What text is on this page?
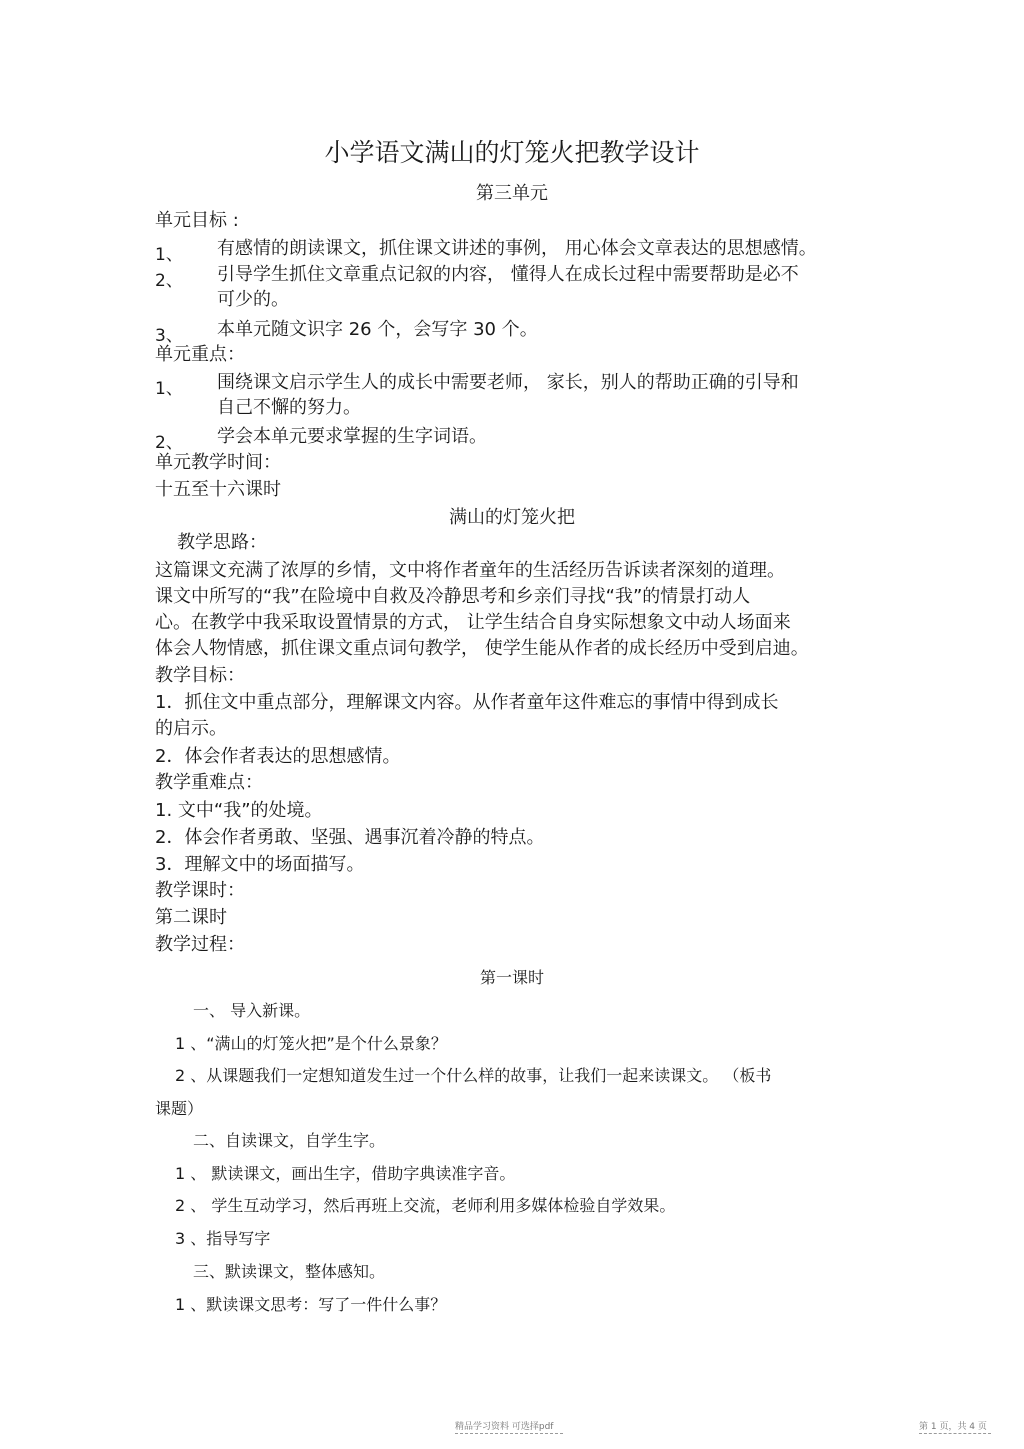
小学语文满山的灯笼火把教学设计
第三单元
单元目标 :
1、 有感情的朗读课文，抓住课文讲述的事例， 用心体会文章表达的思想感情。
2、 引导学生抓住文章重点记叙的内容， 懂得人在成长过程中需要帮助是必不
可少的。
3、 本单元随文识字 26 个，会写字 30 个。
单元重点：
1、 围绕课文启示学生人的成长中需要老师， 家长，别人的帮助正确的引导和
自己不懈的努力。
2、 学会本单元要求掌握的生字词语。
单元教学时间：
十五至十六课时
满山的灯笼火把
教学思路：
这篇课文充满了浓厚的乡情，文中将作者童年的生活经历告诉读者深刻的道理。
课文中所写的“我”在险境中自救及冷静思考和乡亲们寻找“我”的情景打动人
心。在教学中我采取设置情景的方式， 让学生结合自身实际想象文中动人场面来
体会人物情感，抓住课文重点词句教学， 使学生能从作者的成长经历中受到启迪。
教学目标：
1．抓住文中重点部分，理解课文内容。从作者童年这件难忘的事情中得到成长
的启示。
2．体会作者表达的思想感情。
教学重难点：
1. 文中“我”的处境。
2．体会作者勇敢、坚强、遇事沉着冷静的特点。
3．理解文中的场面描写。
教学课时：
第二课时
教学过程：
第一课时
一、 导入新课。
1 、“满山的灯笼火把”是个什么景象？
2 、从课题我们一定想知道发生过一个什么样的故事，让我们一起来读课文。 （板书
课题）
二、自读课文，自学生字。
1 、 默读课文，画出生字，借助字典读准字音。
2 、 学生互动学习，然后再班上交流，老师利用多媒体检验自学效果。
3 、指导写字
三、默读课文，整体感知。
1 、默读课文思考：写了一件什么事？
精品学习资料 可选择pdf	第 1 页，共 4 页
